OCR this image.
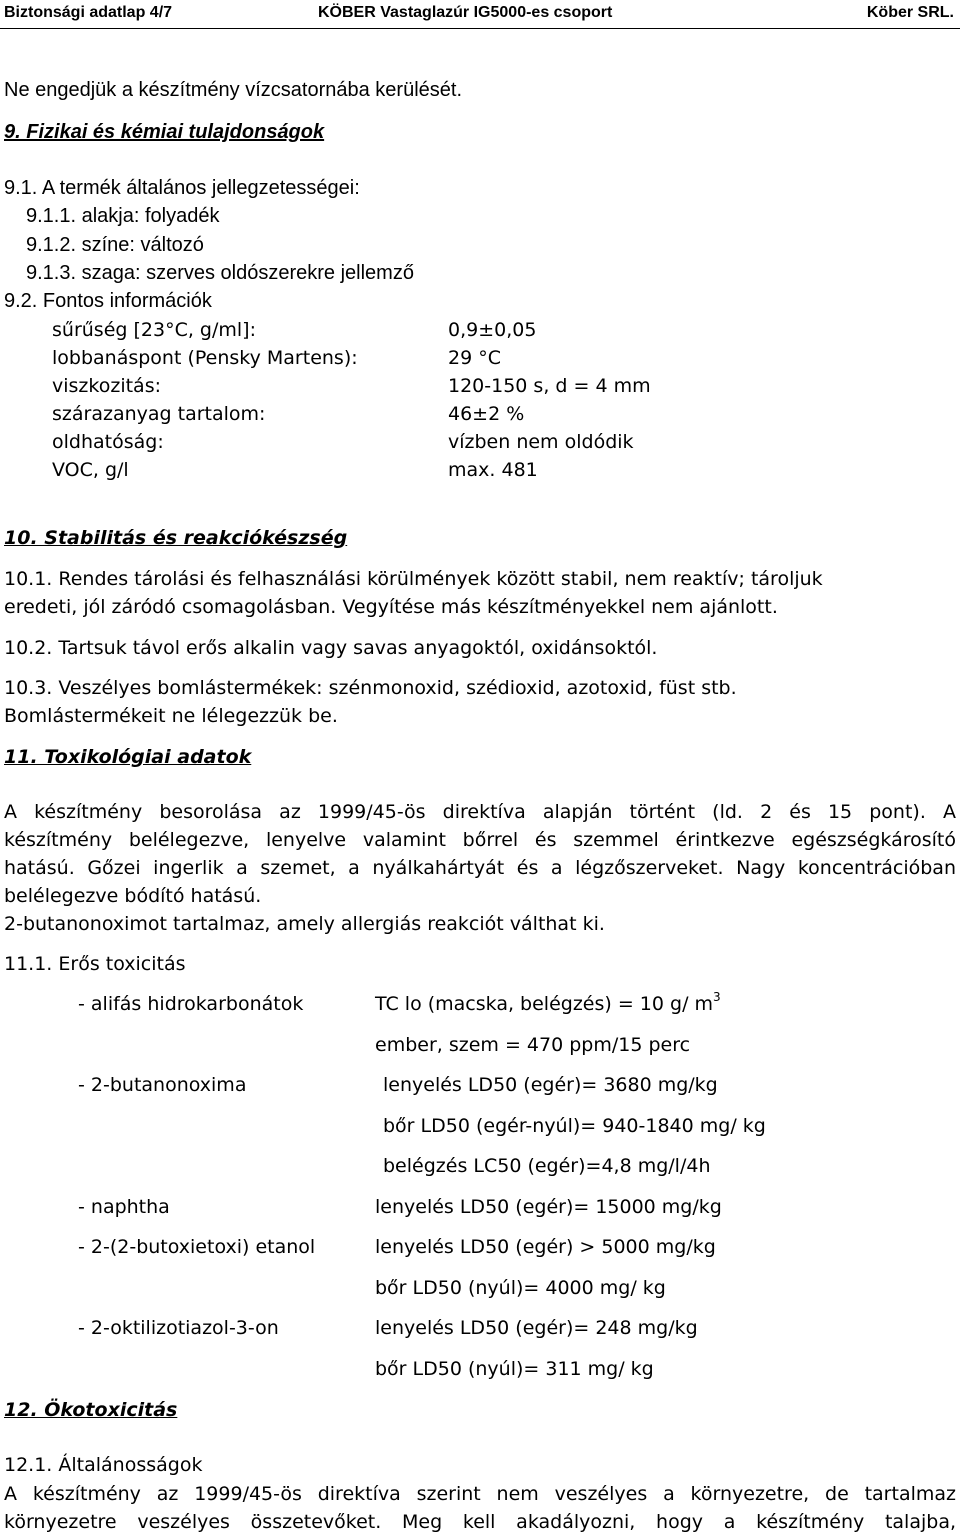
Biztonsági adatlap 4/7	KÖBER Vastaglazúr IG5000-es csoport	Köber SRL.
Ne engedjük a készítmény vízcsatornába kerülését.
9. Fizikai és kémiai tulajdonságok
9.1. A termék általános jellegzetességei:
9.1.1. alakja: folyadék
9.1.2. színe: változó
9.1.3. szaga: szerves oldószerekre jellemző
9.2. Fontos információk
sűrűség [23°C, g/ml]:	0,9±0,05
lobbanáspont (Pensky Martens):	29 °C
viszkozitás:	120-150 s, d = 4 mm
szárazanyag tartalom:	46±2 %
oldhatóság:	vízben nem oldódik
VOC, g/l	max. 481
10. Stabilitás és reakciókészség
10.1. Rendes tárolási és felhasználási körülmények között stabil, nem reaktív; tároljuk
eredeti, jól záródó csomagolásban. Vegyítése más készítményekkel nem ajánlott.
10.2. Tartsuk távol erős alkalin vagy savas anyagoktól, oxidánsoktól.
10.3. Veszélyes bomlástermékek: szénmonoxid, szédioxid, azotoxid, füst stb.
Bomlástermékeit ne lélegezzük be.
11. Toxikológiai adatok
A készítmény besorolása az 1999/45-ös direktíva alapján történt (ld. 2 és 15 pont). A
készítmény belélegezve, lenyelve valamint bőrrel és szemmel érintkezve egészségkárosító
hatású. Gőzei ingerlik a szemet, a nyálkahártyát és a légzőszerveket. Nagy koncentrációban
belélegezve bódító hatású.
2-butanonoximot tartalmaz, amely allergiás reakciót válthat ki.
11.1. Erős toxicitás
- alifás hidrokarbonátok	TC lo (macska, belégzés) = 10 g/ $m^3$
ember, szem = 470 ppm/15 perc
- 2-butanonoxima	lenyelés LD50 (egér)= 3680 mg/kg
bőr LD50 (egér-nyúl)= 940-1840 mg/ kg
belégzés LC50 (egér)=4,8 mg/l/4h
- naphtha	lenyelés LD50 (egér)= 15000 mg/kg
- 2-(2-butoxietoxi) etanol	lenyelés LD50 (egér) > 5000 mg/kg
bőr LD50 (nyúl)= 4000 mg/ kg
- 2-oktilizotiazol-3-on	lenyelés LD50 (egér)= 248 mg/kg
bőr LD50 (nyúl)= 311 mg/ kg
12. Ökotoxicitás
12.1. Általánosságok
A készítmény az 1999/45-ös direktíva szerint nem veszélyes a környezetre, de tartalmaz
környezetre veszélyes összetevőket. Meg kell akadályozni, hogy a készítmény talajba,
